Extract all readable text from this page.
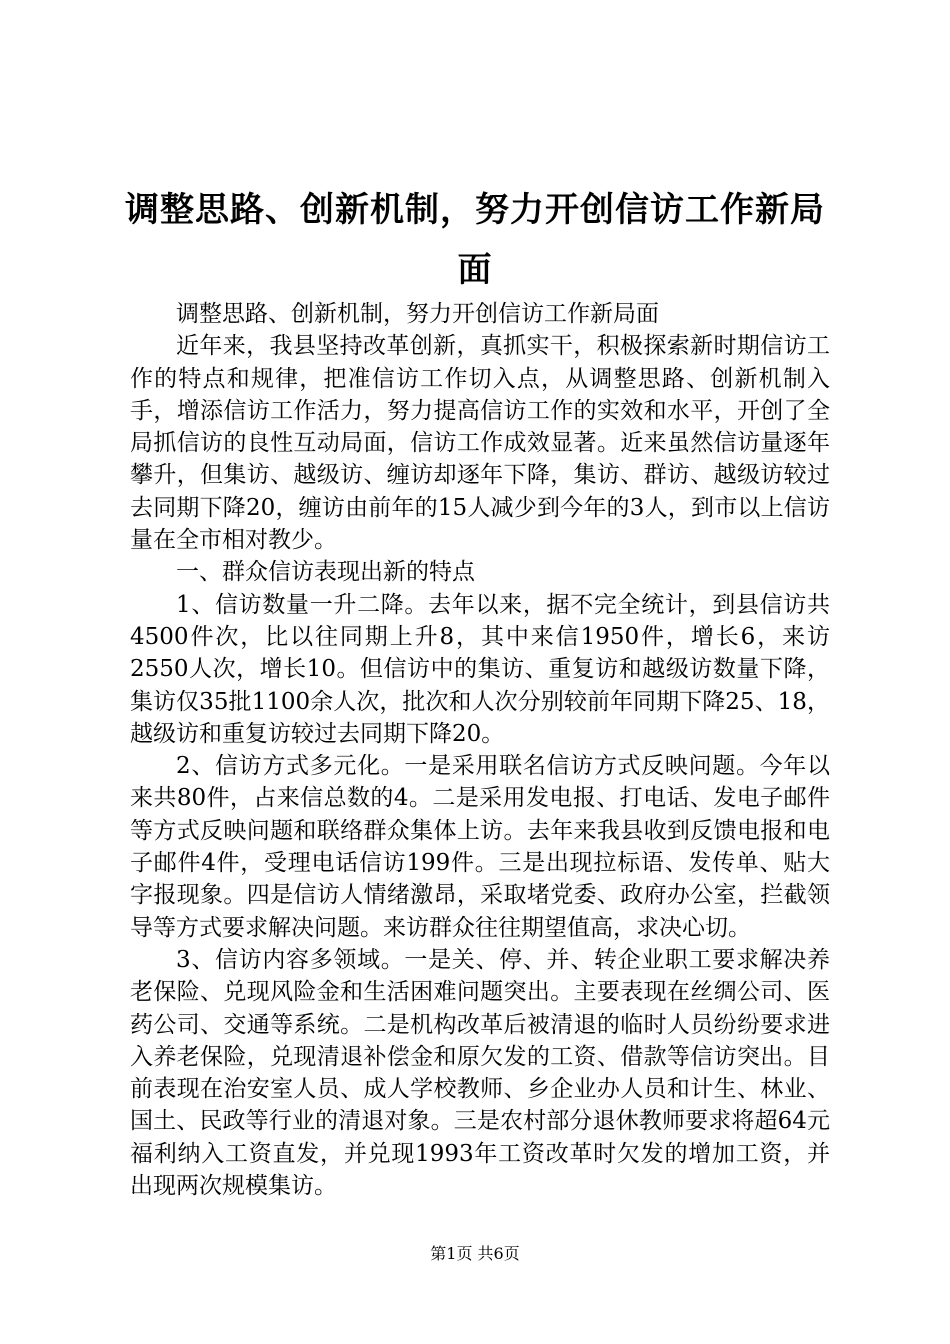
调整思路、创新机制，努力开创信访工作新局面

调整思路、创新机制，努力开创信访工作新局面

近年来，我县坚持改革创新，真抓实干，积极探索新时期信访工作的特点和规律，把准信访工作切入点，从调整思路、创新机制入手，增添信访工作活力，努力提高信访工作的实效和水平，开创了全局抓信访的良性互动局面，信访工作成效显著。近来虽然信访量逐年攀升，但集访、越级访、缠访却逐年下降，集访、群访、越级访较过去同期下降20，缠访由前年的15人减少到今年的3人，到市以上信访量在全市相对教少。

一、群众信访表现出新的特点

1、信访数量一升二降。去年以来，据不完全统计，到县信访共4500件次，比以往同期上升8，其中来信1950件，增长6，来访2550人次，增长10。但信访中的集访、重复访和越级访数量下降，集访仅35批1100余人次，批次和人次分别较前年同期下降25、18，越级访和重复访较过去同期下降20。

2、信访方式多元化。一是采用联名信访方式反映问题。今年以来共80件，占来信总数的4。二是采用发电报、打电话、发电子邮件等方式反映问题和联络群众集体上访。去年来我县收到反馈电报和电子邮件4件，受理电话信访199件。三是出现拉标语、发传单、贴大字报现象。四是信访人情绪激昂，采取堵党委、政府办公室，拦截领导等方式要求解决问题。来访群众往往期望值高，求决心切。

3、信访内容多领域。一是关、停、并、转企业职工要求解决养老保险、兑现风险金和生活困难问题突出。主要表现在丝绸公司、医药公司、交通等系统。二是机构改革后被清退的临时人员纷纷要求进入养老保险，兑现清退补偿金和原欠发的工资、借款等信访突出。目前表现在治安室人员、成人学校教师、乡企业办人员和计生、林业、国土、民政等行业的清退对象。三是农村部分退休教师要求将超64元福利纳入工资直发，并兑现1993年工资改革时欠发的增加工资，并出现两次规模集访。

第1页 共6页
